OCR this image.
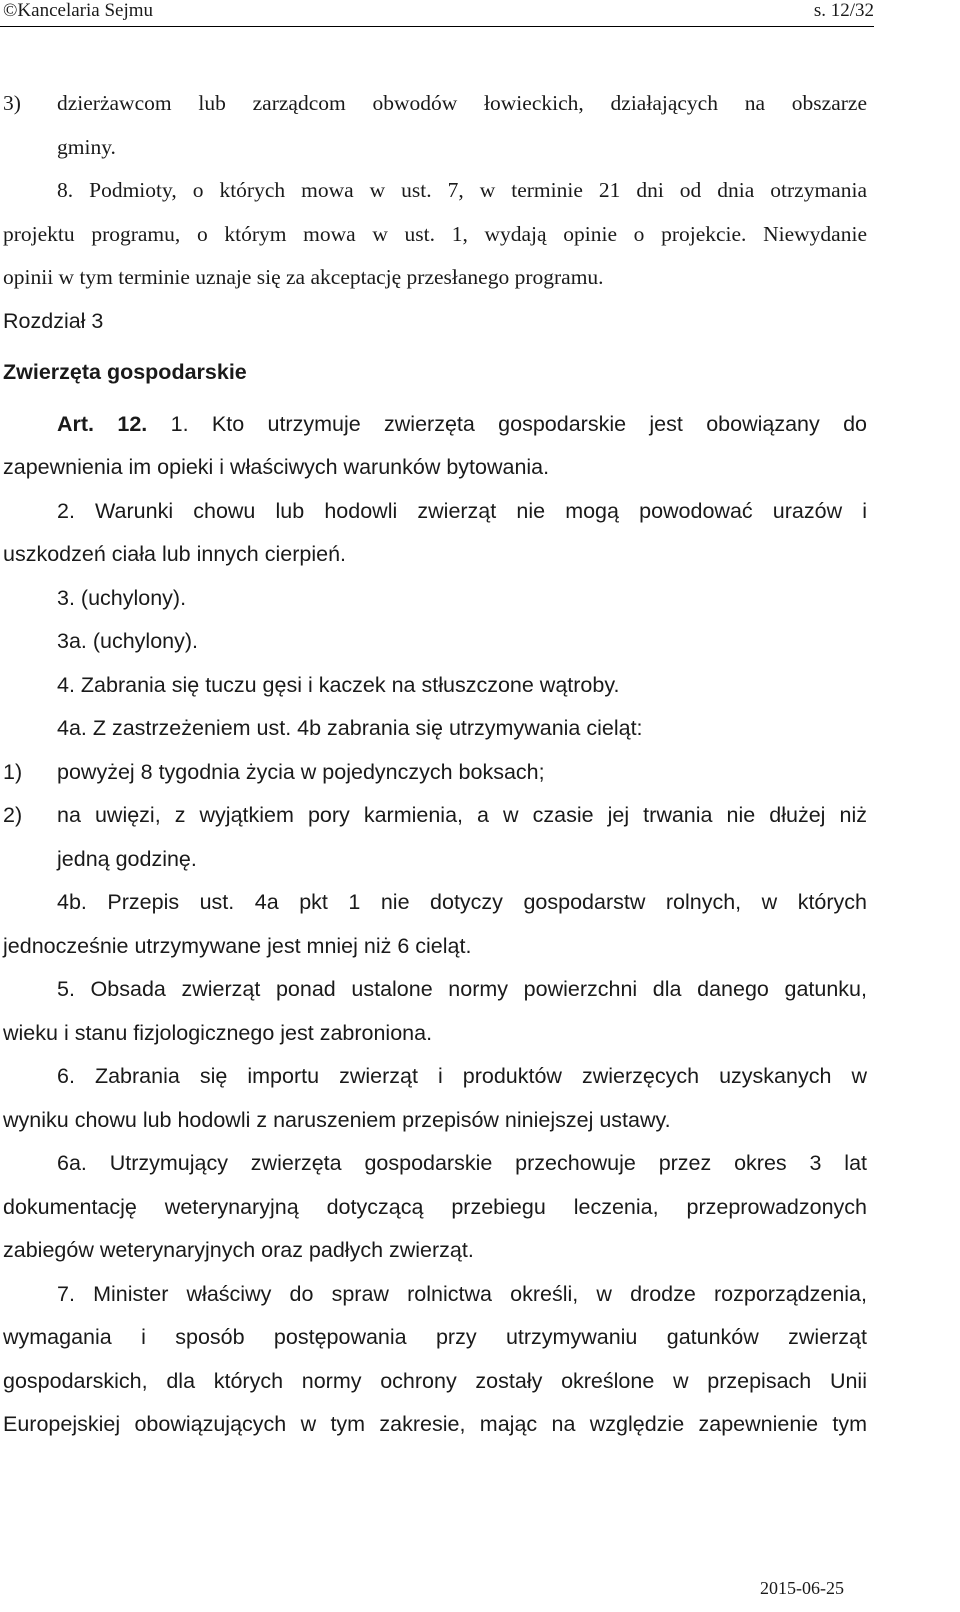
©Kancelaria Sejmu	s. 12/32
3)	dzierżawcom lub zarządcom obwodów łowieckich, działających na obszarze

gminy.

8. Podmioty, o których mowa w ust. 7, w terminie 21 dni od dnia otrzymania

projektu programu, o którym mowa w ust. 1, wydają opinie o projekcie. Niewydanie

opinii w tym terminie uznaje się za akceptację przesłanego programu.

Rozdział 3

Zwierzęta gospodarskie

Art. 12. 1. Kto utrzymuje zwierzęta gospodarskie jest obowiązany do

zapewnienia im opieki i właściwych warunków bytowania.

2. Warunki chowu lub hodowli zwierząt nie mogą powodować urazów i

uszkodzeń ciała lub innych cierpień.

3. (uchylony).

3a. (uchylony).

4. Zabrania się tuczu gęsi i kaczek na stłuszczone wątroby.

4a. Z zastrzeżeniem ust. 4b zabrania się utrzymywania cieląt:

1)	powyżej 8 tygodnia życia w pojedynczych boksach;
2)	na uwięzi, z wyjątkiem pory karmienia, a w czasie jej trwania nie dłużej niż

jedną godzinę.

4b. Przepis ust. 4a pkt 1 nie dotyczy gospodarstw rolnych, w których

jednocześnie utrzymywane jest mniej niż 6 cieląt.

5. Obsada zwierząt ponad ustalone normy powierzchni dla danego gatunku,

wieku i stanu fizjologicznego jest zabroniona.

6. Zabrania się importu zwierząt i produktów zwierzęcych uzyskanych w

wyniku chowu lub hodowli z naruszeniem przepisów niniejszej ustawy.

6a. Utrzymujący zwierzęta gospodarskie przechowuje przez okres 3 lat

dokumentację weterynaryjną dotyczącą przebiegu leczenia, przeprowadzonych

zabiegów weterynaryjnych oraz padłych zwierząt.

7. Minister właściwy do spraw rolnictwa określi, w drodze rozporządzenia,

wymagania i sposób postępowania przy utrzymywaniu gatunków zwierząt

gospodarskich, dla których normy ochrony zostały określone w przepisach Unii

Europejskiej obowiązujących w tym zakresie, mając na względzie zapewnienie tym

2015-06-25
